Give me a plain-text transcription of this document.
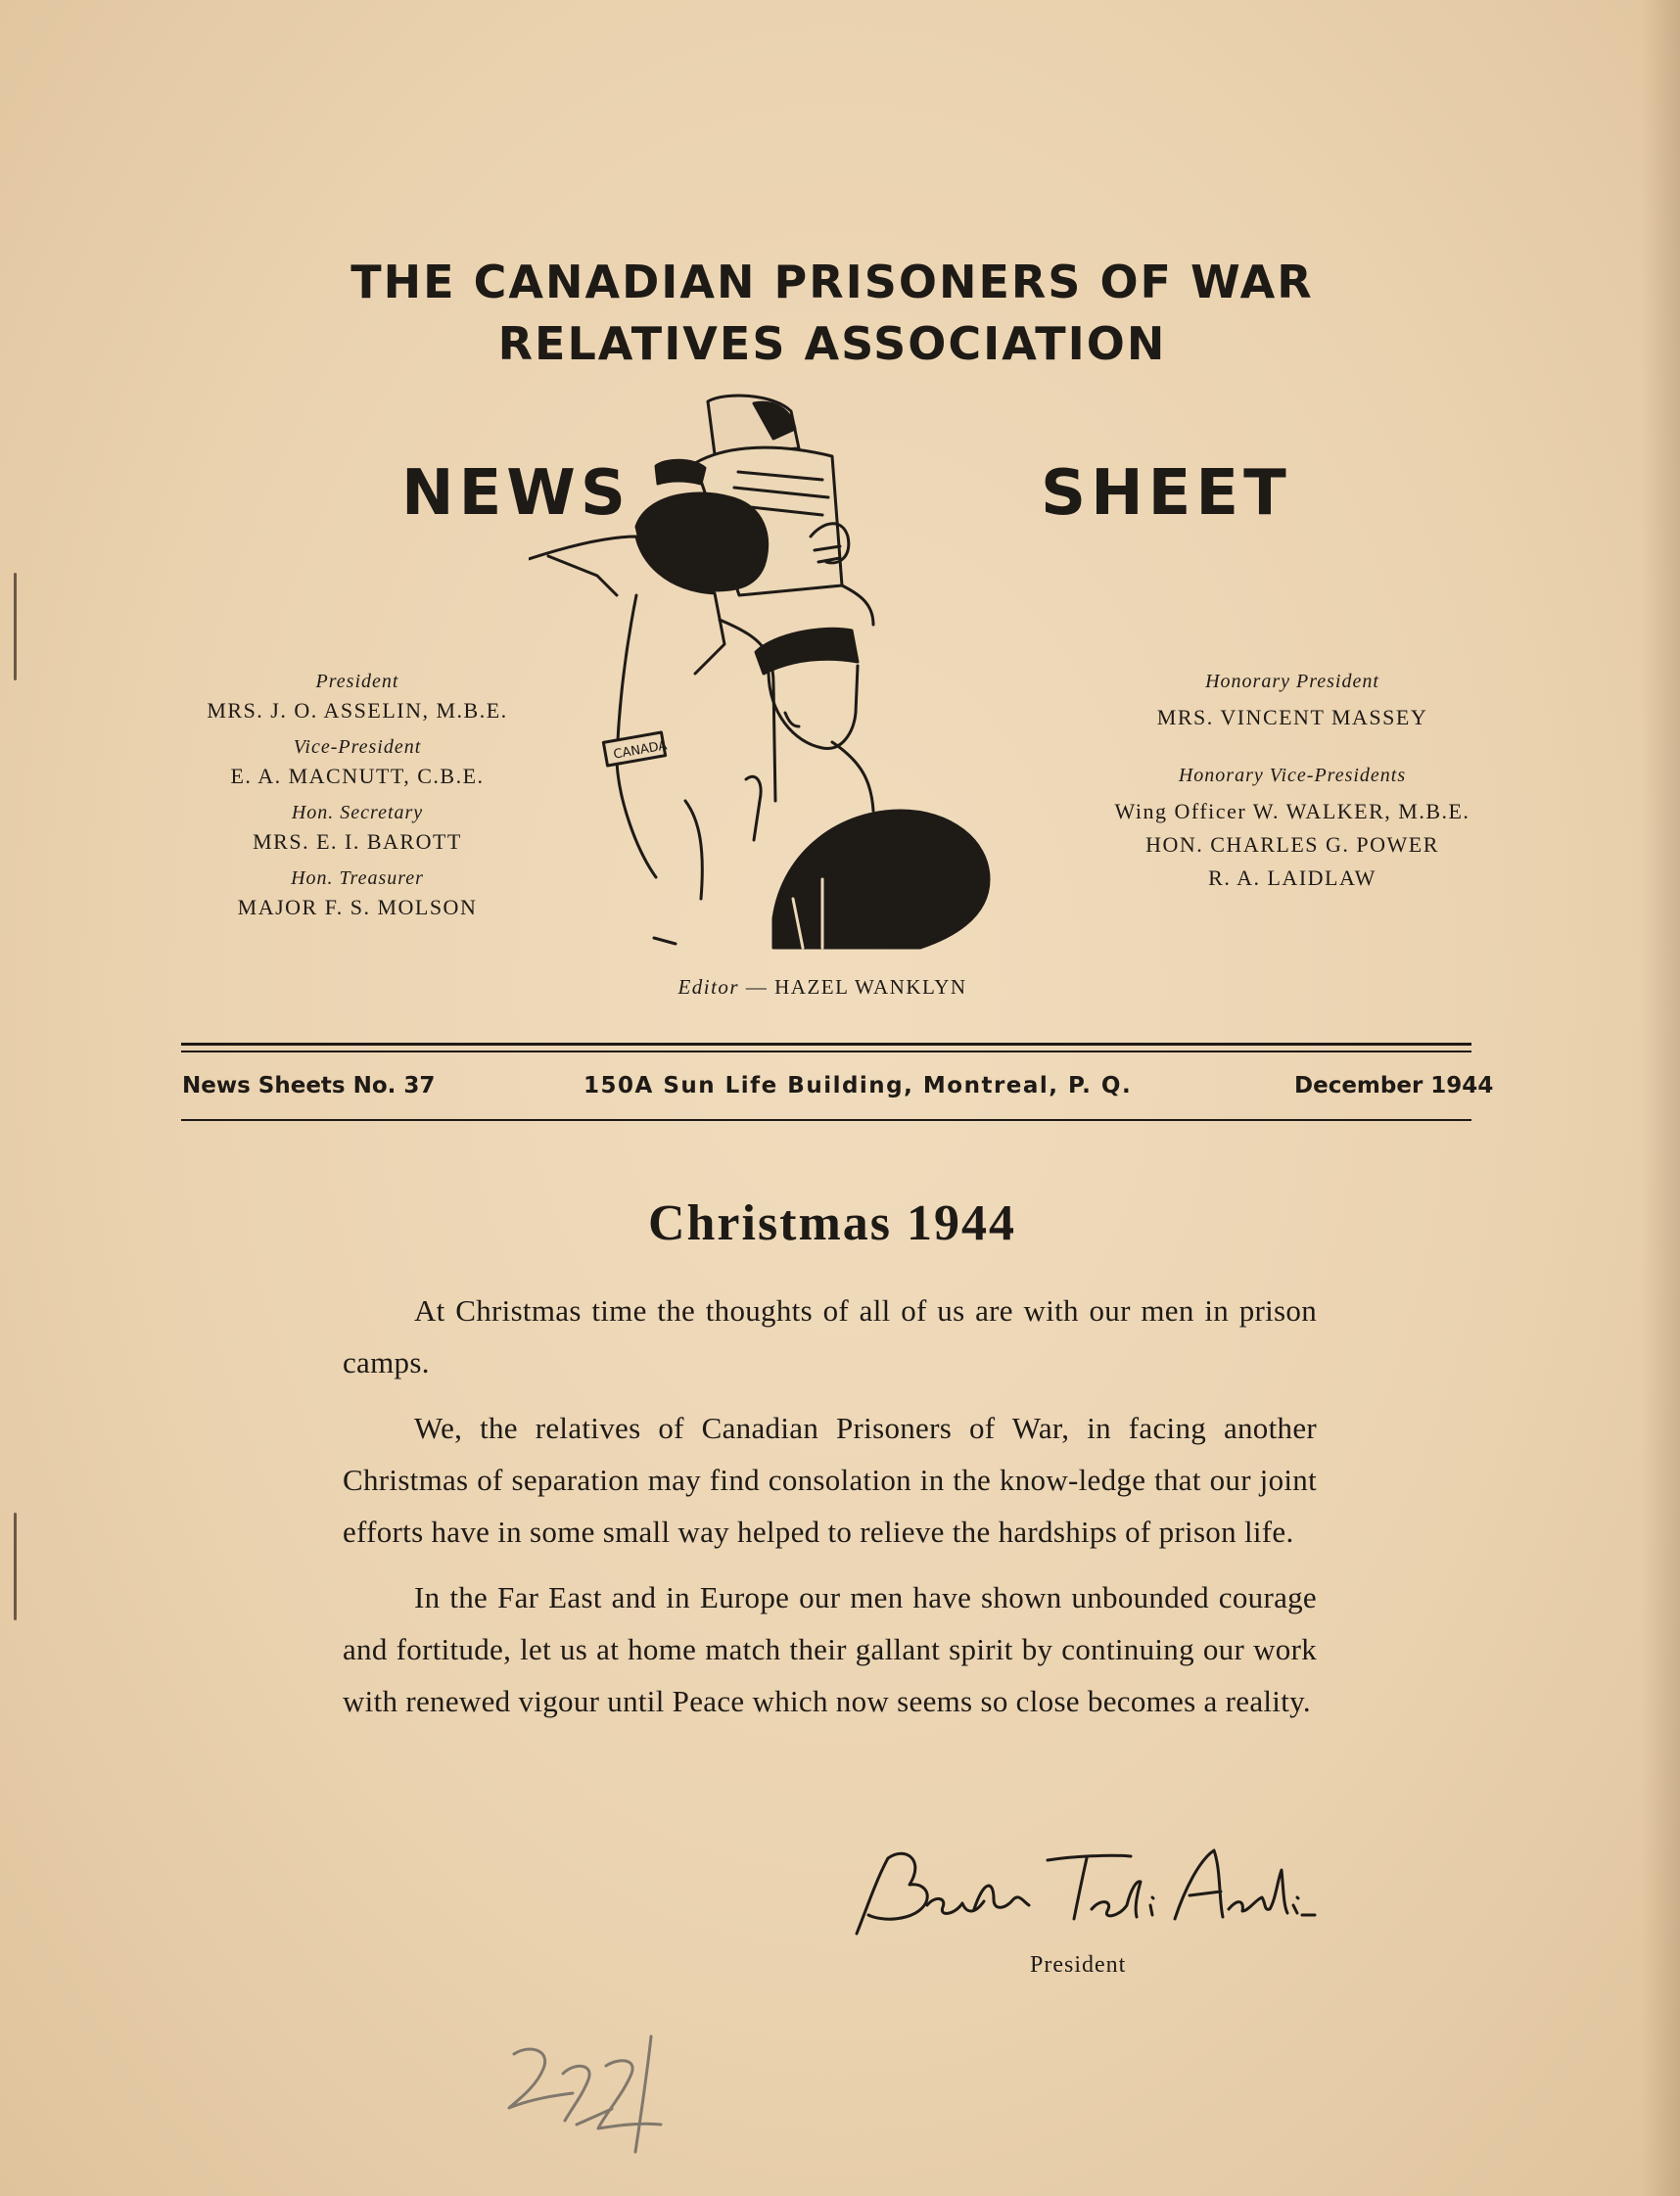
THE CANADIAN PRISONERS OF WAR
RELATIVES ASSOCIATION
NEWS	SHEET
CANADA
President
MRS. J. O. ASSELIN, M.B.E.
Vice-President
E. A. MACNUTT, C.B.E.
Hon. Secretary
MRS. E. I. BAROTT
Hon. Treasurer
MAJOR F. S. MOLSON
Honorary President
MRS. VINCENT MASSEY
Honorary Vice-Presidents
Wing Officer W. WALKER, M.B.E.
HON. CHARLES G. POWER
R. A. LAIDLAW
Editor — HAZEL WANKLYN
News Sheets No. 37	150A Sun Life Building, Montreal, P. Q.	December 1944
Christmas 1944

At Christmas time the thoughts of all of us are with our men in prison camps.

We, the relatives of Canadian Prisoners of War, in facing another Christmas of separation may find consolation in the know-ledge that our joint efforts have in some small way helped to relieve the hardships of prison life.

In the Far East and in Europe our men have shown unbounded courage and fortitude, let us at home match their gallant spirit by continuing our work with renewed vigour until Peace which now seems so close becomes a reality.

President
